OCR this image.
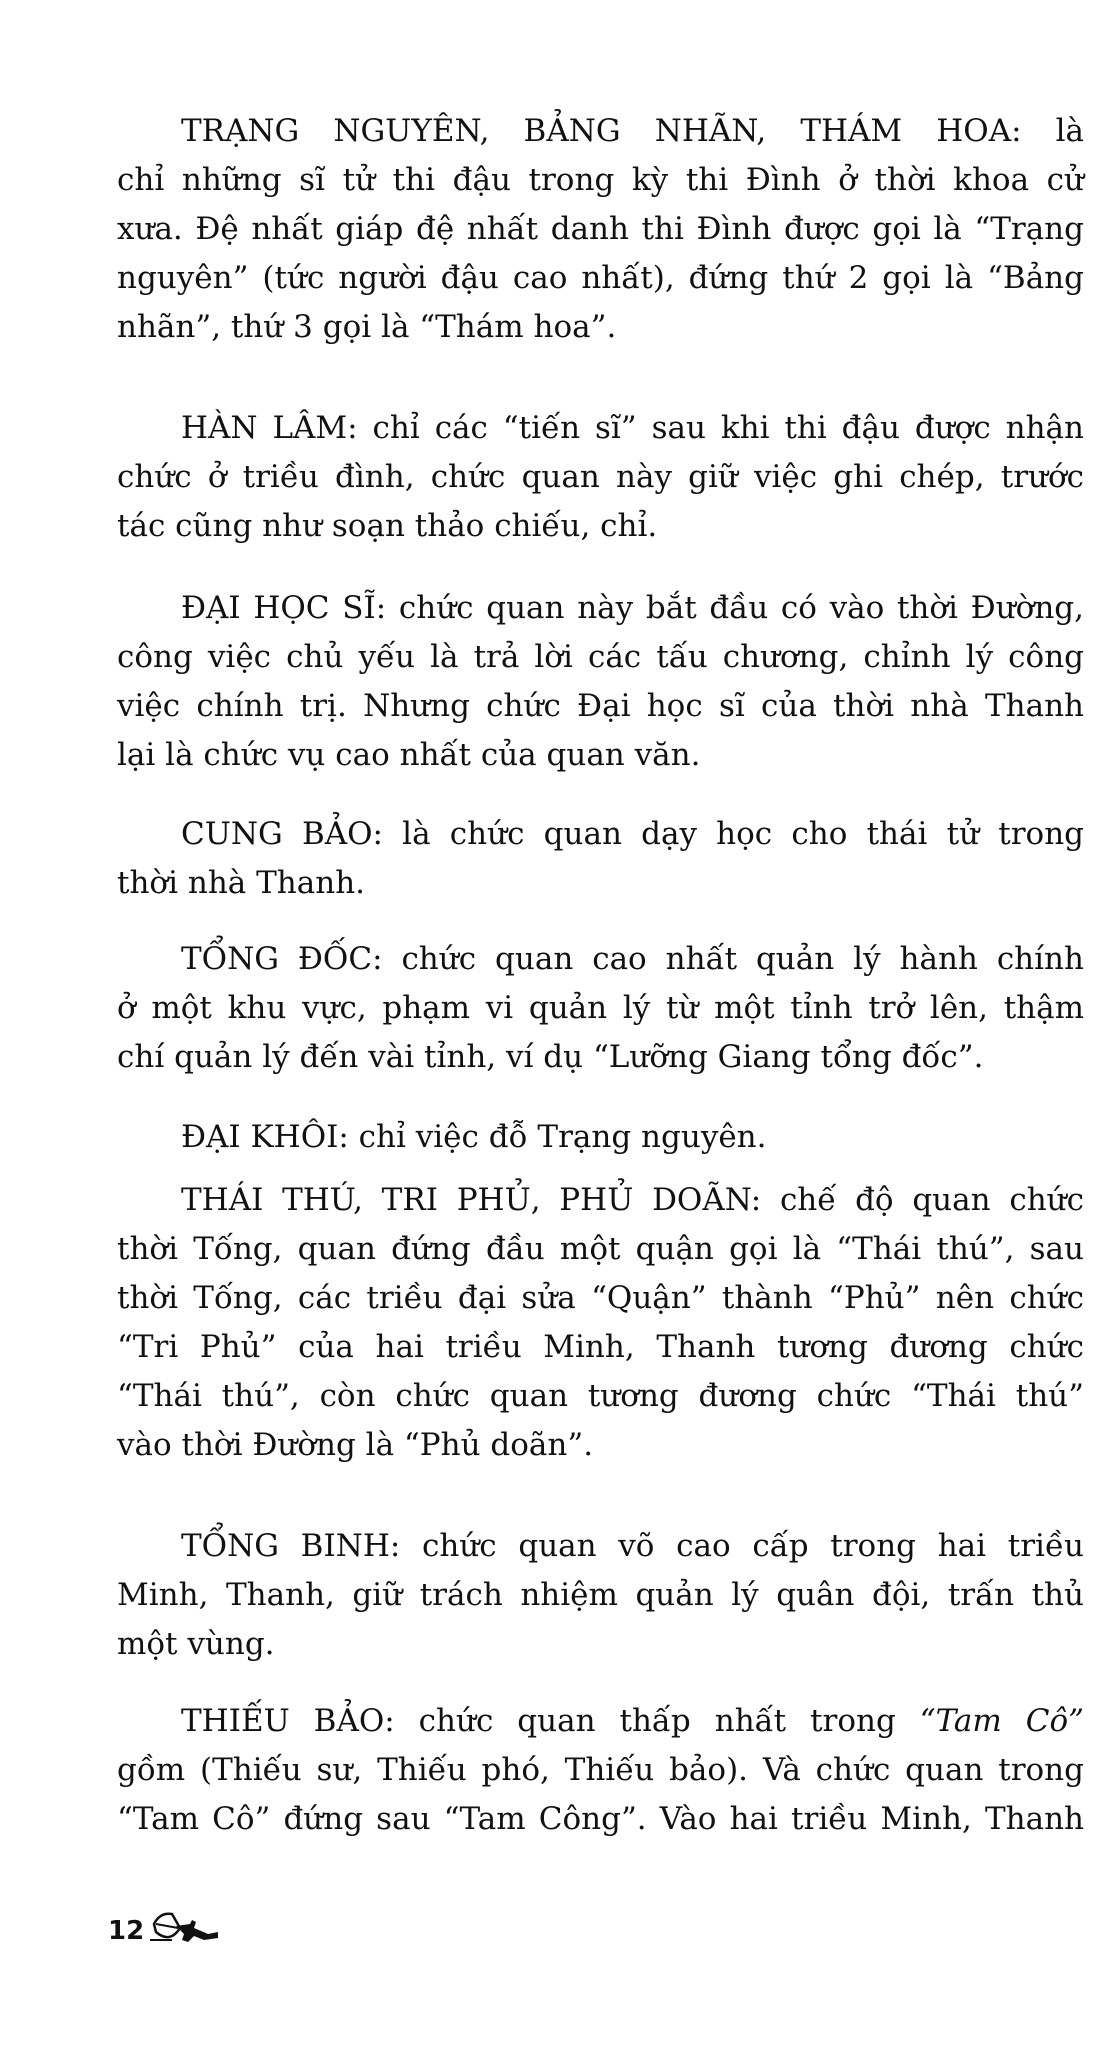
TRẠNG NGUYÊN, BẢNG NHÃN, THÁM HOA: là
chỉ những sĩ tử thi đậu trong kỳ thi Đình ở thời khoa cử
xưa. Đệ nhất giáp đệ nhất danh thi Đình được gọi là “Trạng
nguyên” (tức người đậu cao nhất), đứng thứ 2 gọi là “Bảng
nhãn”, thứ 3 gọi là “Thám hoa”.
HÀN LÂM: chỉ các “tiến sĩ” sau khi thi đậu được nhận
chức ở triều đình, chức quan này giữ việc ghi chép, trước
tác cũng như soạn thảo chiếu, chỉ.
ĐẠI HỌC SĨ: chức quan này bắt đầu có vào thời Đường,
công việc chủ yếu là trả lời các tấu chương, chỉnh lý công
việc chính trị. Nhưng chức Đại học sĩ của thời nhà Thanh
lại là chức vụ cao nhất của quan văn.
CUNG BẢO: là chức quan dạy học cho thái tử trong
thời nhà Thanh.
TỔNG ĐỐC: chức quan cao nhất quản lý hành chính
ở một khu vực, phạm vi quản lý từ một tỉnh trở lên, thậm
chí quản lý đến vài tỉnh, ví dụ “Lưỡng Giang tổng đốc”.
ĐẠI KHÔI: chỉ việc đỗ Trạng nguyên.
THÁI THÚ, TRI PHỦ, PHỦ DOÃN: chế độ quan chức
thời Tống, quan đứng đầu một quận gọi là “Thái thú”, sau
thời Tống, các triều đại sửa “Quận” thành “Phủ” nên chức
“Tri Phủ” của hai triều Minh, Thanh tương đương chức
“Thái thú”, còn chức quan tương đương chức “Thái thú”
vào thời Đường là “Phủ doãn”.
TỔNG BINH: chức quan võ cao cấp trong hai triều
Minh, Thanh, giữ trách nhiệm quản lý quân đội, trấn thủ
một vùng.
THIẾU BẢO: chức quan thấp nhất trong “Tam Cô”
gồm (Thiếu sư, Thiếu phó, Thiếu bảo). Và chức quan trong
“Tam Cô” đứng sau “Tam Công”. Vào hai triều Minh, Thanh
12
